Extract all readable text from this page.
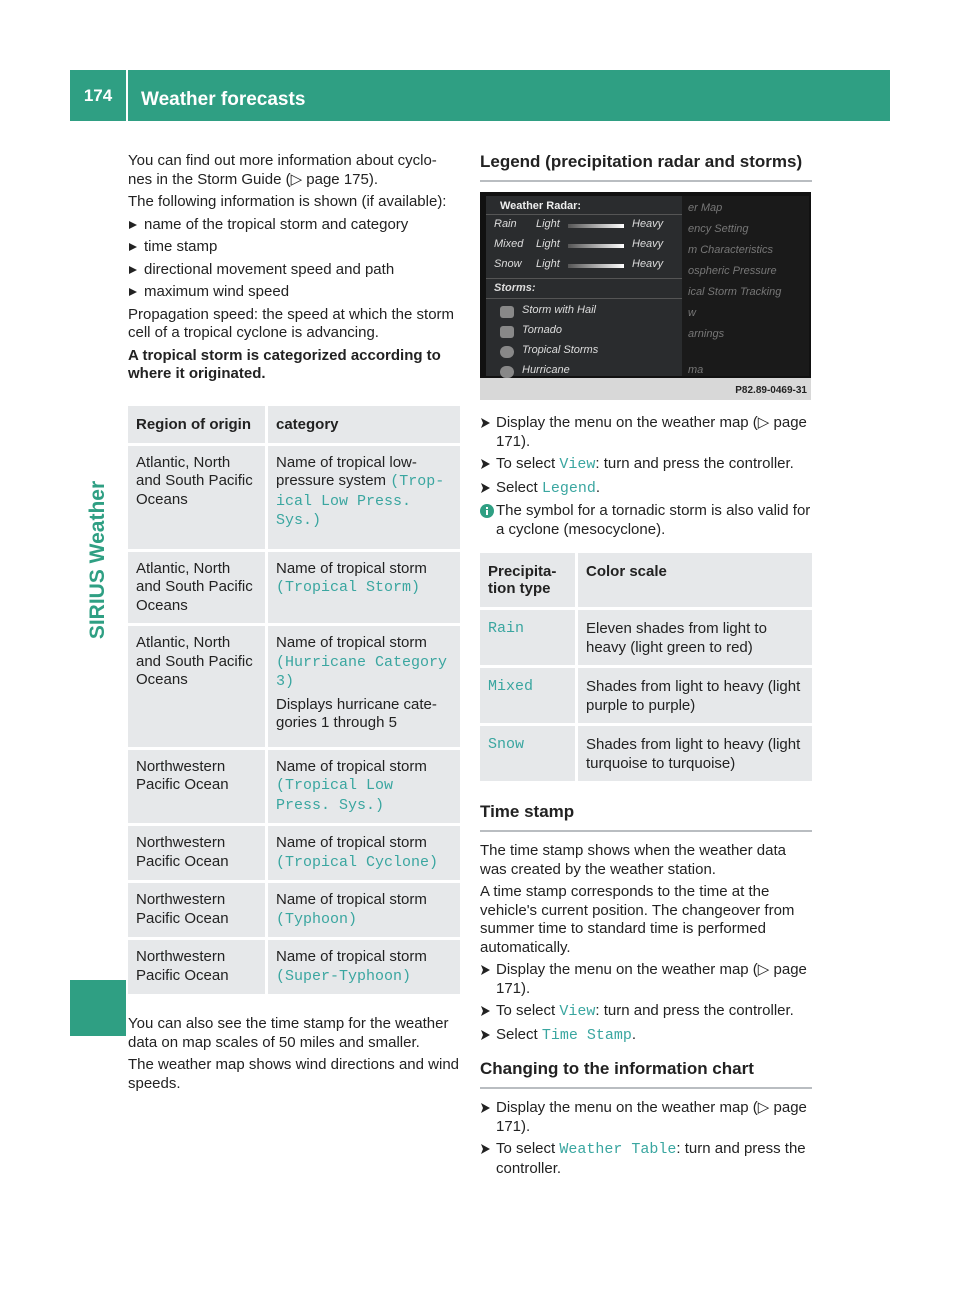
174	Weather forecasts
SIRIUS Weather

You can find out more information about cyclo-nes in the Storm Guide (▷ page 175).

The following information is shown (if available):

name of the tropical storm and category
time stamp
directional movement speed and path
maximum wind speed

Propagation speed: the speed at which the storm cell of a tropical cyclone is advancing.

A tropical storm is categorized according to where it originated.

Region of origin	category
Atlantic, North and South Pacific Oceans	Name of tropical low-pressure system (Trop‐ ical Low Press. Sys.)

Atlantic, North and South Pacific Oceans	Name of tropical storm (Tropical Storm)
Atlantic, North and South Pacific Oceans	Name of tropical storm (Hurricane Category 3)
Displays hurricane cate-gories 1 through 5

Northwestern Pacific Ocean	Name of tropical storm (Tropical Low Press. Sys.)
Northwestern Pacific Ocean	Name of tropical storm (Tropical Cyclone)
Northwestern Pacific Ocean	Name of tropical storm (Typhoon)
Northwestern Pacific Ocean	Name of tropical storm (Super-Typhoon)

You can also see the time stamp for the weather data on map scales of 50 miles and smaller.

The weather map shows wind directions and wind speeds.

Legend (precipitation radar and storms)
Weather Radar:
Rain Light	Heavy
Mixed Light	Heavy
Snow Light	Heavy
Storms:
Storm with Hail
Tornado
Tropical Storms
Hurricane
er Map
ency Setting
m Characteristics
ospheric Pressure
ical Storm Tracking
w
arnings
ma
P82.89-0469-31
Display the menu on the weather map (▷ page 171).
To select View: turn and press the controller.
Select Legend.
The symbol for a tornadic storm is also valid for a cyclone (mesocyclone).
Precipita-tion type	Color scale
Rain	Eleven shades from light to heavy (light green to red)
Mixed	Shades from light to heavy (light purple to purple)
Snow	Shades from light to heavy (light turquoise to turquoise)
Time stamp

The time stamp shows when the weather data was created by the weather station.

A time stamp corresponds to the time at the vehicle's current position. The changeover from summer time to standard time is performed automatically.

Display the menu on the weather map (▷ page 171).
To select View: turn and press the controller.
Select Time Stamp.
Changing to the information chart
Display the menu on the weather map (▷ page 171).
To select Weather Table: turn and press the controller.
